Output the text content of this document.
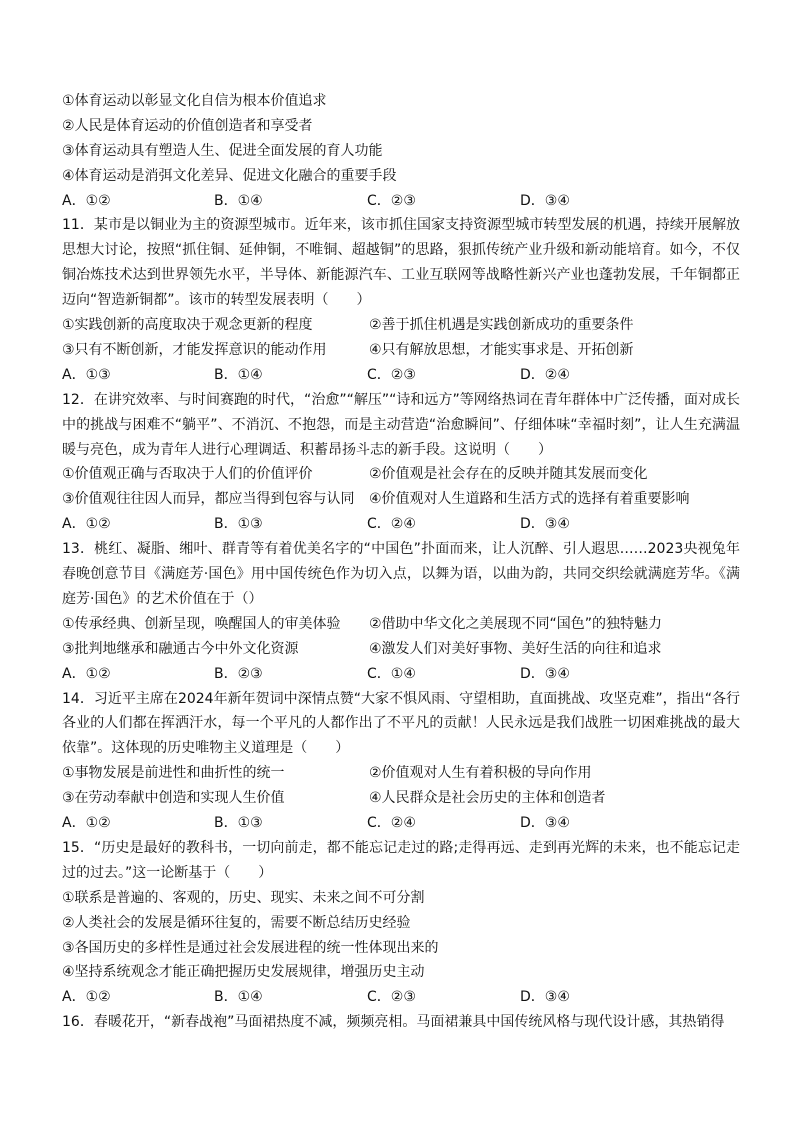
①体育运动以彰显文化自信为根本价值追求
②人民是体育运动的价值创造者和享受者
③体育运动具有塑造人生、促进全面发展的育人功能
④体育运动是消弭文化差异、促进文化融合的重要手段
A．①②	B．①④	C．②③	D．③④
11．某市是以铜业为主的资源型城市。近年来，该市抓住国家支持资源型城市转型发展的机遇，持续开展解放思想大讨论，按照“抓住铜、延伸铜，不唯铜、超越铜”的思路，狠抓传统产业升级和新动能培育。如今，不仅铜冶炼技术达到世界领先水平，半导体、新能源汽车、工业互联网等战略性新兴产业也蓬勃发展，千年铜都正迈向“智造新铜都”。该市的转型发展表明（　　）
①实践创新的高度取决于观念更新的程度	②善于抓住机遇是实践创新成功的重要条件
③只有不断创新，才能发挥意识的能动作用	④只有解放思想，才能实事求是、开拓创新
A．①③	B．①④	C．②③	D．②④
12．在讲究效率、与时间赛跑的时代，“治愈”“解压”“诗和远方”等网络热词在青年群体中广泛传播，面对成长中的挑战与困难不“躺平”、不消沉、不抱怨，而是主动营造“治愈瞬间”、仔细体味“幸福时刻”，让人生充满温暖与亮色，成为青年人进行心理调适、积蓄昂扬斗志的新手段。这说明（　　）
①价值观正确与否取决于人们的价值评价	②价值观是社会存在的反映并随其发展而变化
③价值观往往因人而异，都应当得到包容与认同	④价值观对人生道路和生活方式的选择有着重要影响
A．①②	B．①③	C．②④	D．③④
13．桃红、凝脂、缃叶、群青等有着优美名字的“中国色”扑面而来，让人沉醉、引人遐思……2023央视兔年春晚创意节目《满庭芳·国色》用中国传统色作为切入点，以舞为语，以曲为韵，共同交织绘就满庭芳华。《满庭芳·国色》的艺术价值在于（）
①传承经典、创新呈现，唤醒国人的审美体验	②借助中华文化之美展现不同“国色”的独特魅力
③批判地继承和融通古今中外文化资源	④激发人们对美好事物、美好生活的向往和追求
A．①②	B．②③	C．①④	D．③④
14．习近平主席在2024年新年贺词中深情点赞“大家不惧风雨、守望相助，直面挑战、攻坚克难”，指出“各行各业的人们都在挥洒汗水，每一个平凡的人都作出了不平凡的贡献！人民永远是我们战胜一切困难挑战的最大依靠”。这体现的历史唯物主义道理是（　　）
①事物发展是前进性和曲折性的统一	②价值观对人生有着积极的导向作用
③在劳动奉献中创造和实现人生价值	④人民群众是社会历史的主体和创造者
A．①②	B．①③	C．②④	D．③④
15．“历史是最好的教科书，一切向前走，都不能忘记走过的路;走得再远、走到再光辉的未来，也不能忘记走过的过去。”这一论断基于（　　）
①联系是普遍的、客观的，历史、现实、未来之间不可分割
②人类社会的发展是循环往复的，需要不断总结历史经验
③各国历史的多样性是通过社会发展进程的统一性体现出来的
④坚持系统观念才能正确把握历史发展规律，增强历史主动
A．①②	B．①④	C．②③	D．③④
16．春暖花开，“新春战袍”马面裙热度不减，频频亮相。马面裙兼具中国传统风格与现代设计感，其热销得
